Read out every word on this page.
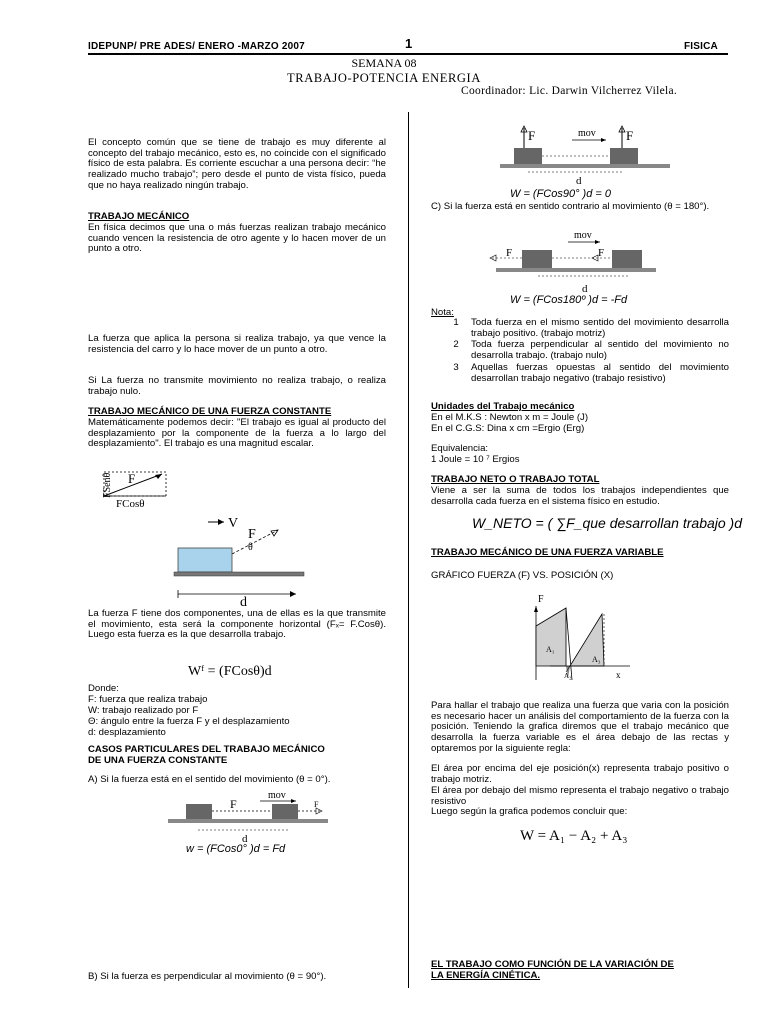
IDEPUNP/ PRE ADES/ ENERO -MARZO 2007	1	FISICA
SEMANA 08
TRABAJO-POTENCIA ENERGIA
Coordinador: Lic. Darwin Vilcherrez Vilela.
El concepto común que se tiene de trabajo es muy diferente al concepto del trabajo mecánico, esto es, no coincide con el significado físico de esta palabra. Es corriente escuchar a una persona decir: “he realizado mucho trabajo”; pero desde el punto de vista físico, pueda que no haya realizado ningún trabajo.
TRABAJO MECÁNICO
En física decimos que una o más fuerzas realizan trabajo mecánico cuando vencen la resistencia de otro agente y lo hacen mover de un punto a otro.
La fuerza que aplica la persona si realiza trabajo, ya que vence la resistencia del carro y lo hace mover de un punto a otro.
Si La fuerza no transmite movimiento no realiza trabajo, o realiza trabajo nulo.
TRABAJO MECÁNICO DE UNA FUERZA CONSTANTE
Matemáticamente podemos decir: "El trabajo es igual al producto del desplazamiento por la componente de la fuerza a lo largo del desplazamiento". El trabajo es una magnitud escalar.
F
FSenθ
FCosθ
V
F
θ
d
La fuerza F tiene dos componentes, una de ellas es la que transmite el movimiento, esta será la componente horizontal (Fₓ= F.Cosθ). Luego esta fuerza es la que desarrolla trabajo.
Wᶠ = (FCosθ)d
Donde:
F: fuerza que realiza trabajo
W: trabajo realizado por F
Θ: ángulo entre la fuerza F y el desplazamiento
d: desplazamiento
CASOS PARTICULARES DEL TRABAJO MECÁNICO
DE UNA FUERZA CONSTANTE
A) Si la fuerza está en el sentido del movimiento (θ = 0°).
mov
F	F
d
w = (FCos0° )d = Fd
B) Si la fuerza es perpendicular al movimiento (θ = 90°).
F	mov F
d
W = (FCos90° )d = 0
C) Si la fuerza está en sentido contrario al movimiento (θ = 180°).
mov
F	F
d
W = (FCos180º )d = -Fd
Nota:
1	Toda fuerza en el mismo sentido del movimiento desarrolla trabajo positivo. (trabajo motriz)
2	Toda fuerza perpendicular al sentido del movimiento no desarrolla trabajo. (trabajo nulo)
3	Aquellas fuerzas opuestas al sentido del movimiento desarrollan trabajo negativo (trabajo resistivo)
Unidades del Trabajo mecánico
En el M.K.S : Newton x m = Joule (J)
En el C.G.S: Dina x cm =Ergio (Erg)
Equivalencia:
1 Joule = 10 ⁷ Ergios
TRABAJO NETO O TRABAJO TOTAL
Viene a ser la suma de todos los trabajos independientes que desarrolla cada fuerza en el sistema físico en estudio.
W_NETO = ( ∑F_que desarrollan trabajo )d
TRABAJO MECÁNICO DE UNA FUERZA VARIABLE
GRÁFICO FUERZA (F) VS. POSICIÓN (X)
F
A₁
A₂
A₃
x
Para hallar el trabajo que realiza una fuerza que varia con la posición es necesario hacer un análisis del comportamiento de la fuerza con la posición. Teniendo la grafica diremos que el trabajo mecánico que desarrolla la fuerza variable es el área debajo de las rectas y optaremos por la siguiente regla:
El área por encima del eje posición(x) representa trabajo positivo o trabajo motriz.
El área por debajo del mismo representa el trabajo negativo o trabajo resistivo
Luego según la grafica podemos concluir que:
W = A₁ − A₂ + A₃
EL TRABAJO COMO FUNCIÓN DE LA VARIACIÓN DE
LA ENERGÍA CINÉTICA.
